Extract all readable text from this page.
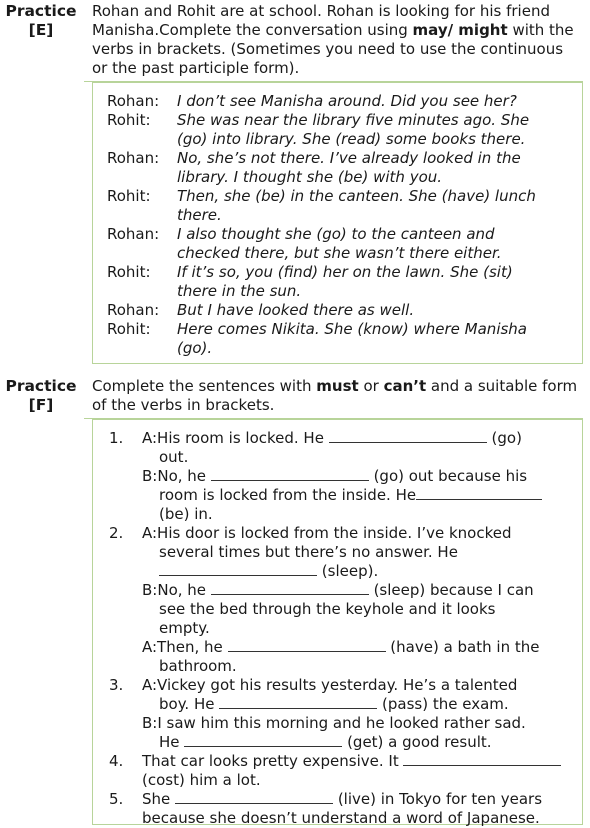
Practice
[E]

Rohan and Rohit are at school. Rohan is looking for his friend Manisha.Complete the conversation using may/ might with the verbs in brackets. (Sometimes you need to use the continuous or the past participle form).

Rohan:	I don’t see Manisha around. Did you see her?
Rohit:	She was near the library five minutes ago. She
(go) into library. She (read) some books there.
Rohan:	No, she’s not there. I’ve already looked in the
library. I thought she (be) with you.
Rohit:	Then, she (be) in the canteen. She (have) lunch
there.
Rohan:	I also thought she (go) to the canteen and
checked there, but she wasn’t there either.
Rohit:	If it’s so, you (find) her on the lawn. She (sit)
there in the sun.
Rohan:	But I have looked there as well.
Rohit:	Here comes Nikita. She (know) where Manisha
(go).
Practice
[F]

Complete the sentences with must or can’t and a suitable form of the verbs in brackets.

1. A:His room is locked. He	(go)
out.
B:No, he	(go) out because his
room is locked from the inside. He
(be) in.
2. A:His door is locked from the inside. I’ve knocked
several times but there’s no answer. He
(sleep).
B:No, he	(sleep) because I can
see the bed through the keyhole and it looks
empty.
A:Then, he	(have) a bath in the
bathroom.
3. A:Vickey got his results yesterday. He’s a talented
boy. He	(pass) the exam.
B:I saw him this morning and he looked rather sad.
He	(get) a good result.
4. That car looks pretty expensive. It
(cost) him a lot.
5. She	(live) in Tokyo for ten years
because she doesn’t understand a word of Japanese.
